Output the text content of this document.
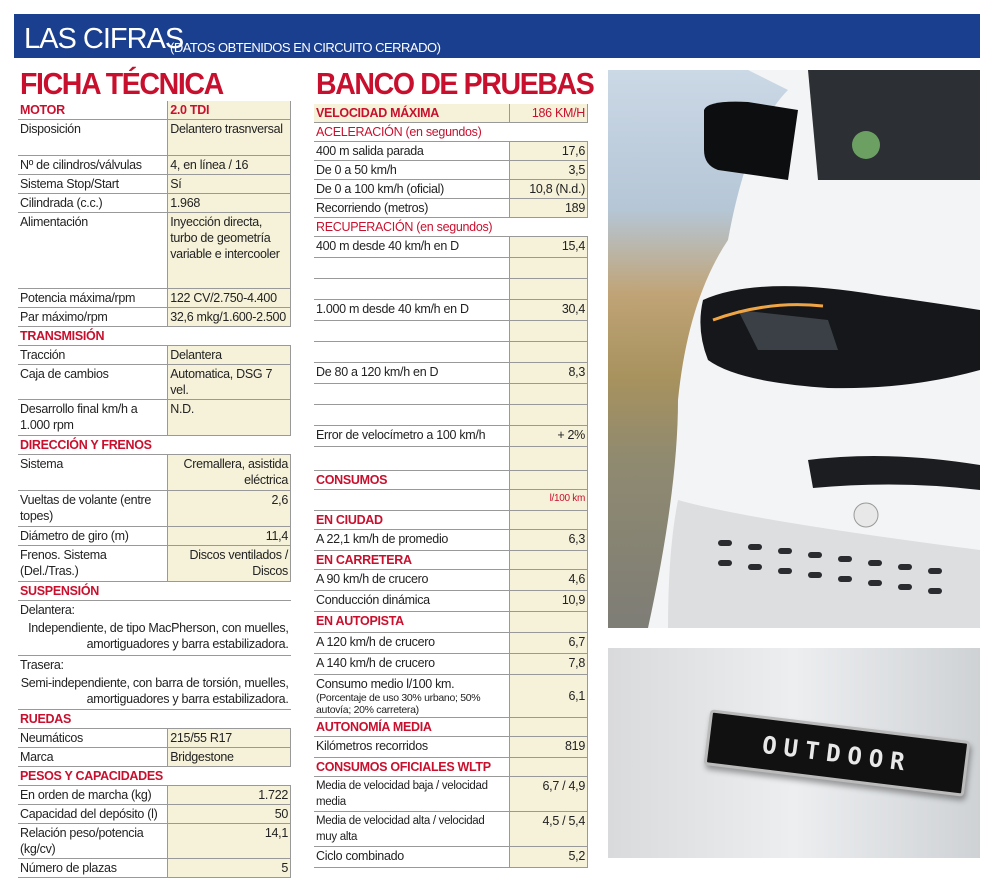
LAS CIFRAS
(DATOS OBTENIDOS EN CIRCUITO CERRADO)
FICHA TÉCNICA
MOTOR	2.0 TDI
Disposición	Delantero trasnversal
Nº de cilindros/válvulas	4, en línea / 16
Sistema Stop/Start	Sí
Cilindrada (c.c.)	1.968
Alimentación	Inyección directa, turbo de geometría variable e intercooler
Potencia máxima/rpm	122 CV/2.750-4.400
Par máximo/rpm	32,6 mkg/1.600-2.500
TRANSMISIÓN	
Tracción	Delantera
Caja de cambios	Automatica, DSG 7 vel.
Desarrollo final km/h a 1.000 rpm	N.D.
DIRECCIÓN Y FRENOS	
Sistema	Cremallera, asistida eléctrica
Vueltas de volante (entre topes)	2,6
Diámetro de giro (m)	11,4
Frenos. Sistema (Del./Tras.)	Discos ventilados / Discos
SUSPENSIÓN	
Delantera:	
Independiente, de tipo MacPherson, con muelles, amortiguadores y barra estabilizadora.	
Trasera:	
Semi-independiente, con barra de torsión, muelles, amortiguadores y barra estabilizadora.	
RUEDAS	
Neumáticos	215/55 R17
Marca	Bridgestone
PESOS Y CAPACIDADES	
En orden de marcha (kg)	1.722
Capacidad del depósito (l)	50
Relación peso/potencia (kg/cv)	14,1
Número de plazas	5
BANCO DE PRUEBAS
VELOCIDAD MÁXIMA	186 KM/H
ACELERACIÓN (en segundos)	
400 m salida parada	17,6
De 0 a 50 km/h	3,5
De 0 a 100 km/h (oficial)	10,8 (N.d.)
Recorriendo (metros)	189
RECUPERACIÓN (en segundos)	
400 m desde 40 km/h en D	15,4

1.000 m desde 40 km/h en D	30,4

De 80 a 120 km/h en D	8,3

Error de velocímetro a 100 km/h	+ 2%

CONSUMOS	
	l/100 km
EN CIUDAD	
A 22,1 km/h de promedio	6,3
EN CARRETERA	
A 90 km/h de crucero	4,6
Conducción dinámica	10,9
EN AUTOPISTA	
A 120 km/h de crucero	6,7
A 140 km/h de crucero	7,8

Consumo medio l/100 km.
(Porcentaje de uso 30% urbano; 50% autovía; 20% carretera)	6,1
AUTONOMÍA MEDIA	
Kilómetros recorridos	819
CONSUMOS OFICIALES WLTP	
Media de velocidad baja / velocidad media	6,7 / 4,9
Media de velocidad alta / velocidad muy alta	4,5 / 5,4
Ciclo combinado	5,2
OUTDOOR
